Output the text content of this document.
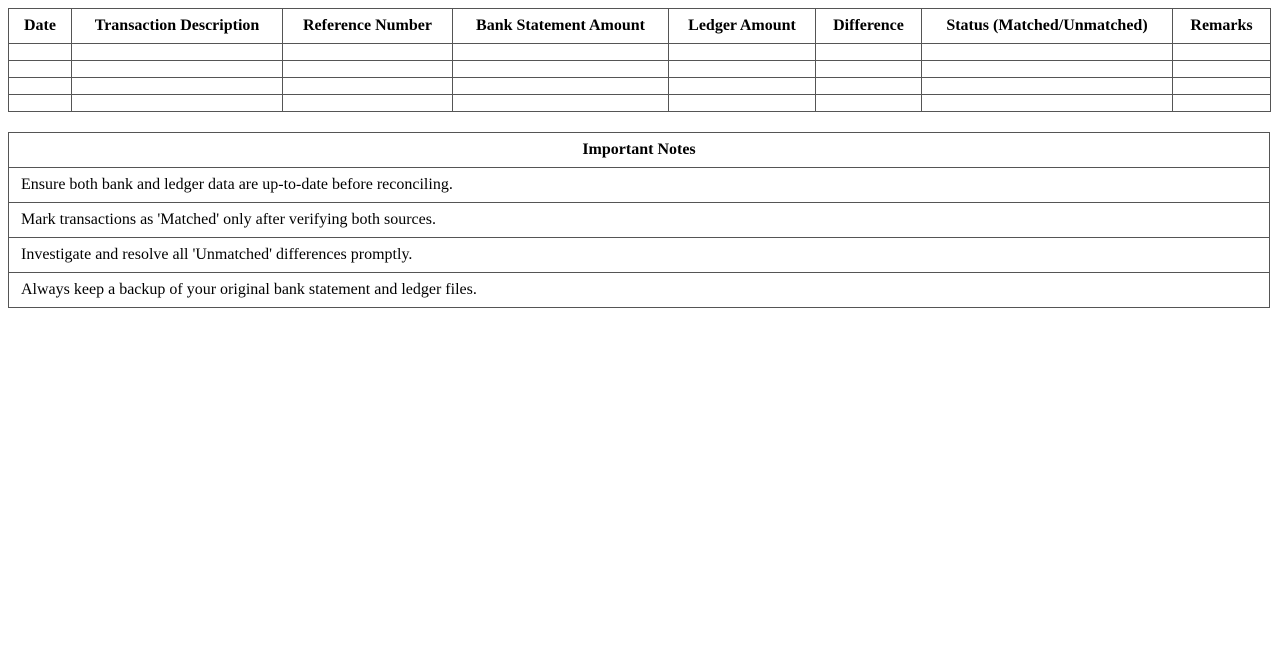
Date	Transaction Description	Reference Number	Bank Statement Amount	Ledger Amount	Difference	Status (Matched/Unmatched)	Remarks

Important Notes
Ensure both bank and ledger data are up-to-date before reconciling.
Mark transactions as 'Matched' only after verifying both sources.
Investigate and resolve all 'Unmatched' differences promptly.
Always keep a backup of your original bank statement and ledger files.
